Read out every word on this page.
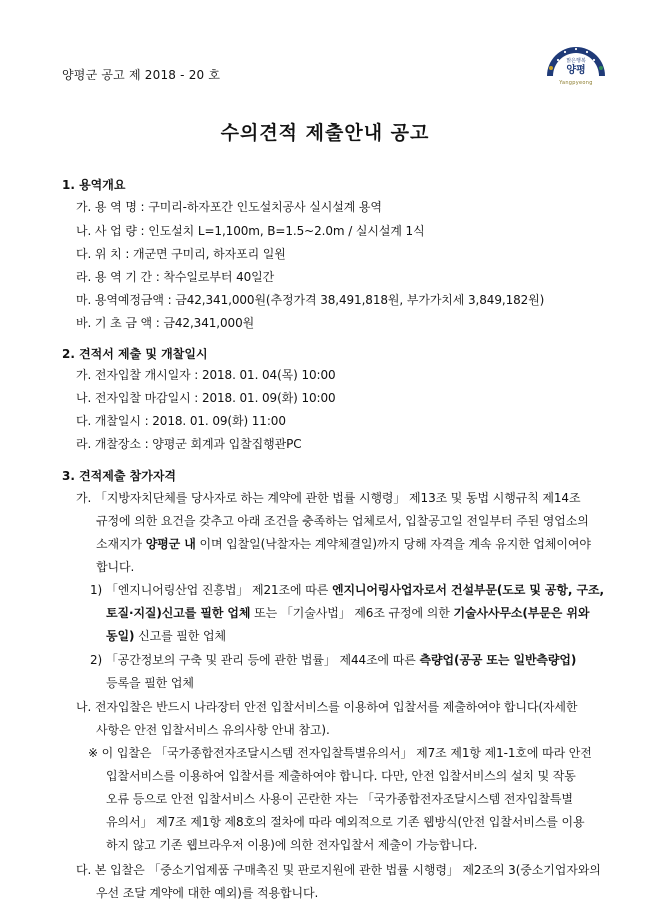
양평군 공고 제 2018 - 20 호
맑은행복
양평
Yangpyeong
수의견적 제출안내 공고
1. 용역개요
가. 용 역 명 : 구미리-하자포간 인도설치공사 실시설계 용역
나. 사 업 량 : 인도설치 L=1,100m, B=1.5~2.0m / 실시설계 1식
다. 위 치 : 개군면 구미리, 하자포리 일원
라. 용 역 기 간 : 착수일로부터 40일간
마. 용역예정금액 : 금42,341,000원(추정가격 38,491,818원, 부가가치세 3,849,182원)
바. 기 초 금 액 : 금42,341,000원
2. 견적서 제출 및 개찰일시
가. 전자입찰 개시일자 : 2018. 01. 04(목) 10:00
나. 전자입찰 마감일시 : 2018. 01. 09(화) 10:00
다. 개찰일시 : 2018. 01. 09(화) 11:00
라. 개찰장소 : 양평군 회계과 입찰집행관PC
3. 견적제출 참가자격
가. 「지방자치단체를 당사자로 하는 계약에 관한 법률 시행령」 제13조 및 동법 시행규칙 제14조
규정에 의한 요건을 갖추고 아래 조건을 충족하는 업체로서, 입찰공고일 전일부터 주된 영업소의
소재지가 양평군 내 이며 입찰일(낙찰자는 계약체결일)까지 당해 자격을 계속 유지한 업체이여야
합니다.
1) 「엔지니어링산업 진흥법」 제21조에 따른 엔지니어링사업자로서 건설부문(도로 및 공항, 구조,
토질·지질)신고를 필한 업체 또는 「기술사법」 제6조 규정에 의한 기술사사무소(부문은 위와
동일) 신고를 필한 업체
2) 「공간정보의 구축 및 관리 등에 관한 법률」 제44조에 따른 측량업(공공 또는 일반측량업)
등록을 필한 업체
나. 전자입찰은 반드시 나라장터 안전 입찰서비스를 이용하여 입찰서를 제출하여야 합니다(자세한
사항은 안전 입찰서비스 유의사항 안내 참고).
※ 이 입찰은 「국가종합전자조달시스템 전자입찰특별유의서」 제7조 제1항 제1-1호에 따라 안전
입찰서비스를 이용하여 입찰서를 제출하여야 합니다. 다만, 안전 입찰서비스의 설치 및 작동
오류 등으로 안전 입찰서비스 사용이 곤란한 자는 「국가종합전자조달시스템 전자입찰특별
유의서」 제7조 제1항 제8호의 절차에 따라 예외적으로 기존 웹방식(안전 입찰서비스를 이용
하지 않고 기존 웹브라우저 이용)에 의한 전자입찰서 제출이 가능합니다.
다. 본 입찰은 「중소기업제품 구매촉진 및 판로지원에 관한 법률 시행령」 제2조의 3(중소기업자와의
우선 조달 계약에 대한 예외)를 적용합니다.
